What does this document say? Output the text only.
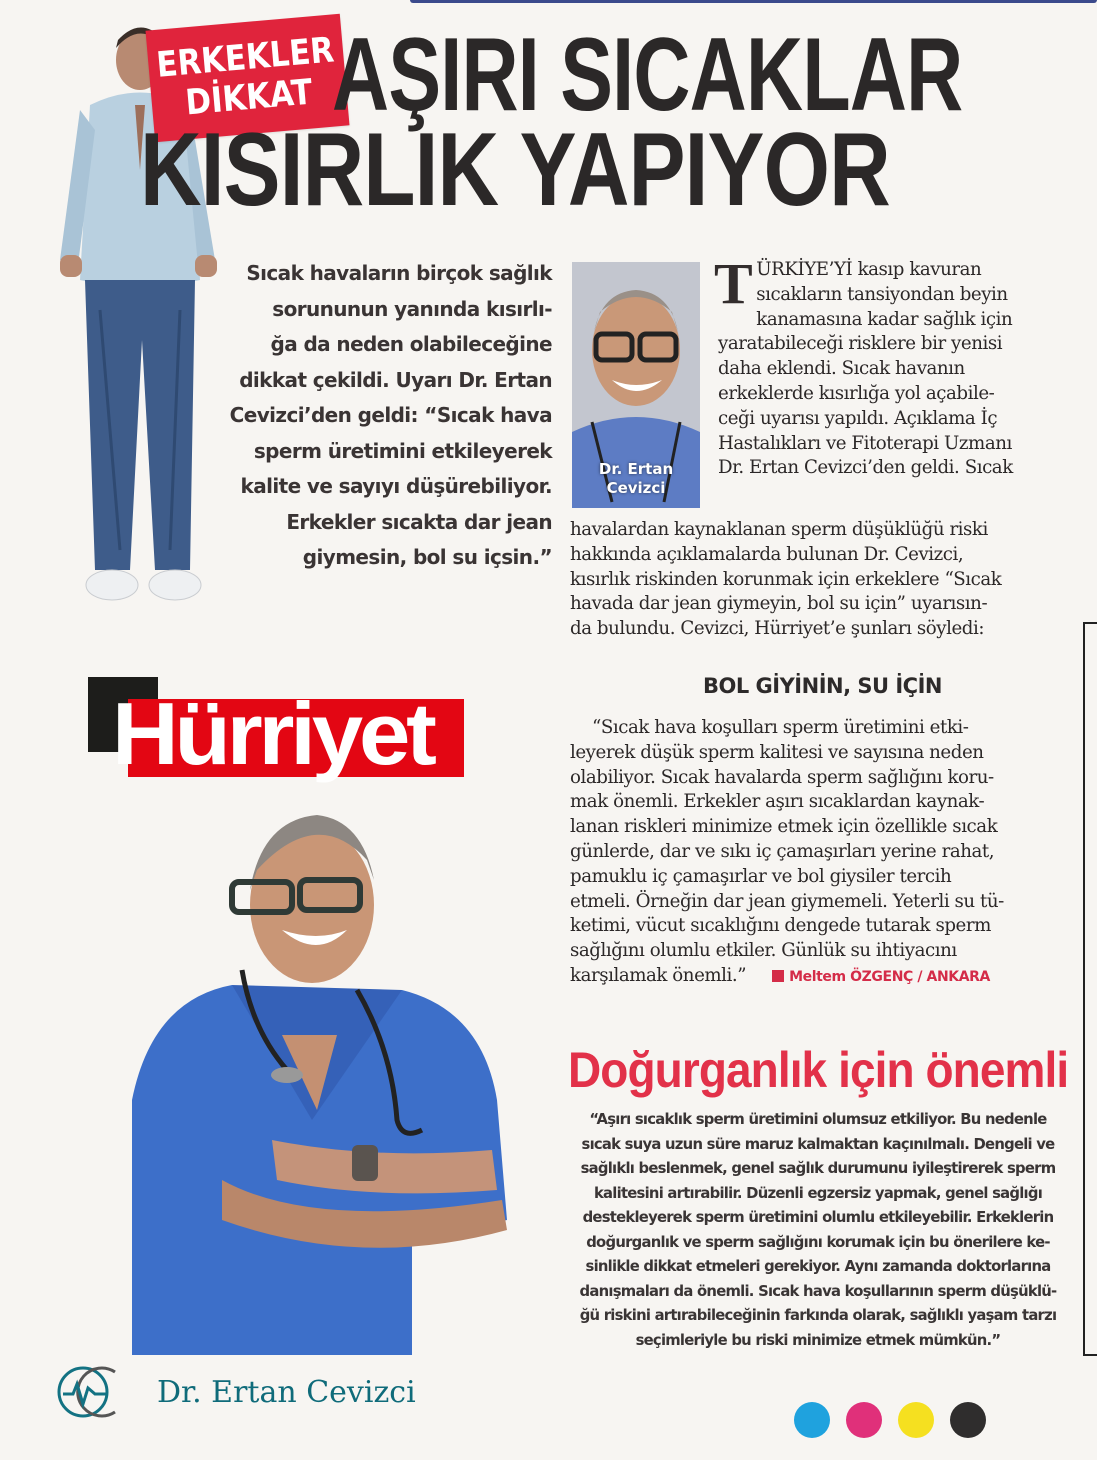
ERKEKLER
DİKKAT AŞIRI SICAKLAR
KISIRLIK YAPIYOR
Sıcak havaların birçok sağlık
sorununun yanında kısırlı-
ğa da neden olabileceğine
dikkat çekildi. Uyarı Dr. Ertan
Cevizci’den geldi: “Sıcak hava
sperm üretimini etkileyerek
kalite ve sayıyı düşürebiliyor.
Erkekler sıcakta dar jean
giymesin, bol su içsin.”
Dr. Ertan
Cevizci
TÜRKİYE’Yİ kasıp kavuran
sıcakların tansiyondan beyin
kanamasına kadar sağlık için
yaratabileceği risklere bir yenisi
daha eklendi. Sıcak havanın
erkeklerde kısırlığa yol açabile-
ceği uyarısı yapıldı. Açıklama İç
Hastalıkları ve Fitoterapi Uzmanı
Dr. Ertan Cevizci’den geldi. Sıcak
havalardan kaynaklanan sperm düşüklüğü riski
hakkında açıklamalarda bulunan Dr. Cevizci,
kısırlık riskinden korunmak için erkeklere “Sıcak
havada dar jean giymeyin, bol su için” uyarısın-
da bulundu. Cevizci, Hürriyet’e şunları söyledi:
BOL GİYİNİN, SU İÇİN
“Sıcak hava koşulları sperm üretimini etki-
leyerek düşük sperm kalitesi ve sayısına neden
olabiliyor. Sıcak havalarda sperm sağlığını koru-
mak önemli. Erkekler aşırı sıcaklardan kaynak-
lanan riskleri minimize etmek için özellikle sıcak
günlerde, dar ve sıkı iç çamaşırları yerine rahat,
pamuklu iç çamaşırlar ve bol giysiler tercih
etmeli. Örneğin dar jean giymemeli. Yeterli su tü-
ketimi, vücut sıcaklığını dengede tutarak sperm
sağlığını olumlu etkiler. Günlük su ihtiyacını
karşılamak önemli.”	Meltem ÖZGENÇ / ANKARA
Doğurganlık için önemli
“Aşırı sıcaklık sperm üretimini olumsuz etkiliyor. Bu nedenle
sıcak suya uzun süre maruz kalmaktan kaçınılmalı. Dengeli ve
sağlıklı beslenmek, genel sağlık durumunu iyileştirerek sperm
kalitesini artırabilir. Düzenli egzersiz yapmak, genel sağlığı
destekleyerek sperm üretimini olumlu etkileyebilir. Erkeklerin
doğurganlık ve sperm sağlığını korumak için bu önerilere ke-
sinlikle dikkat etmeleri gerekiyor. Aynı zamanda doktorlarına
danışmaları da önemli. Sıcak hava koşullarının sperm düşüklü-
ğü riskini artırabileceğinin farkında olarak, sağlıklı yaşam tarzı
seçimleriyle bu riski minimize etmek mümkün.”
Hürriyet
Dr. Ertan Cevizci
